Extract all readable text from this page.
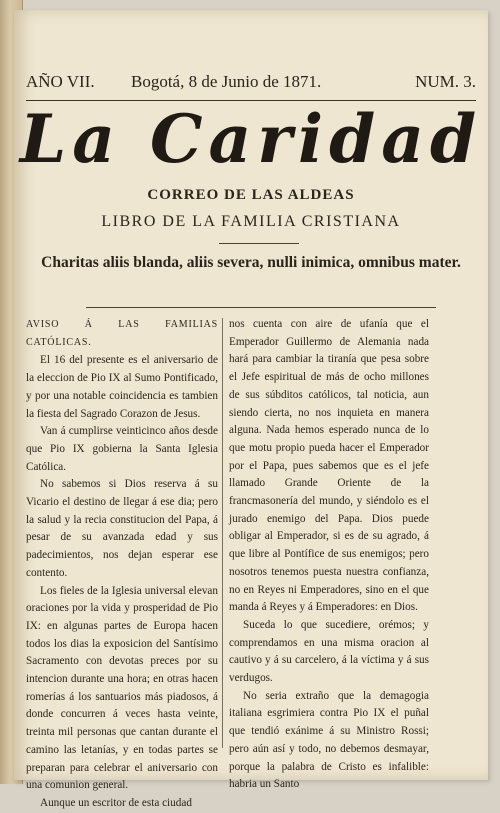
AÑO VII. Bogotá, 8 de Junio de 1871.	NUM. 3.
La Caridad
CORREO DE LAS ALDEAS
LIBRO DE LA FAMILIA CRISTIANA
Charitas aliis blanda, aliis severa, nulli inimica, omnibus mater.
AVISO Á LAS FAMILIAS CATÓLICAS.

El 16 del presente es el aniversario de la eleccion de Pio IX al Sumo Pontificado, y por una notable coincidencia es tambien la fiesta del Sagrado Corazon de Jesus.

Van á cumplirse veinticinco años desde que Pio IX gobierna la Santa Iglesia Católica.

No sabemos si Dios reserva á su Vicario el destino de llegar á ese dia; pero la salud y la recia constitucion del Papa, á pesar de su avanzada edad y sus padecimientos, nos dejan esperar ese contento.

Los fieles de la Iglesia universal elevan oraciones por la vida y prosperidad de Pio IX: en algunas partes de Europa hacen todos los dias la exposicion del Santísimo Sacramento con devotas preces por su intencion durante una hora; en otras hacen romerías á los santuarios más piadosos, á donde concurren á veces hasta veinte, treinta mil personas que cantan durante el camino las letanías, y en todas partes se preparan para celebrar el aniversario con una comunion general.

Aunque un escritor de esta ciudad

nos cuenta con aire de ufanía que el Emperador Guillermo de Alemania nada hará para cambiar la tiranía que pesa sobre el Jefe espiritual de más de ocho millones de sus súbditos católicos, tal noticia, aun siendo cierta, no nos inquieta en manera alguna. Nada hemos esperado nunca de lo que motu propio pueda hacer el Emperador por el Papa, pues sabemos que es el jefe llamado Grande Oriente de la francmasonería del mundo, y siéndolo es el jurado enemigo del Papa. Dios puede obligar al Emperador, si es de su agrado, á que libre al Pontífice de sus enemigos; pero nosotros tenemos puesta nuestra confianza, no en Reyes ni Emperadores, sino en el que manda á Reyes y á Emperadores: en Dios.

Suceda lo que sucediere, orémos; y comprendamos en una misma oracion al cautivo y á su carcelero, á la víctima y á sus verdugos.

No seria extraño que la demagogia italiana esgrimiera contra Pio IX el puñal que tendió exánime á su Ministro Rossi; pero aún así y todo, no debemos desmayar, porque la palabra de Cristo es infalible: habria un Santo
